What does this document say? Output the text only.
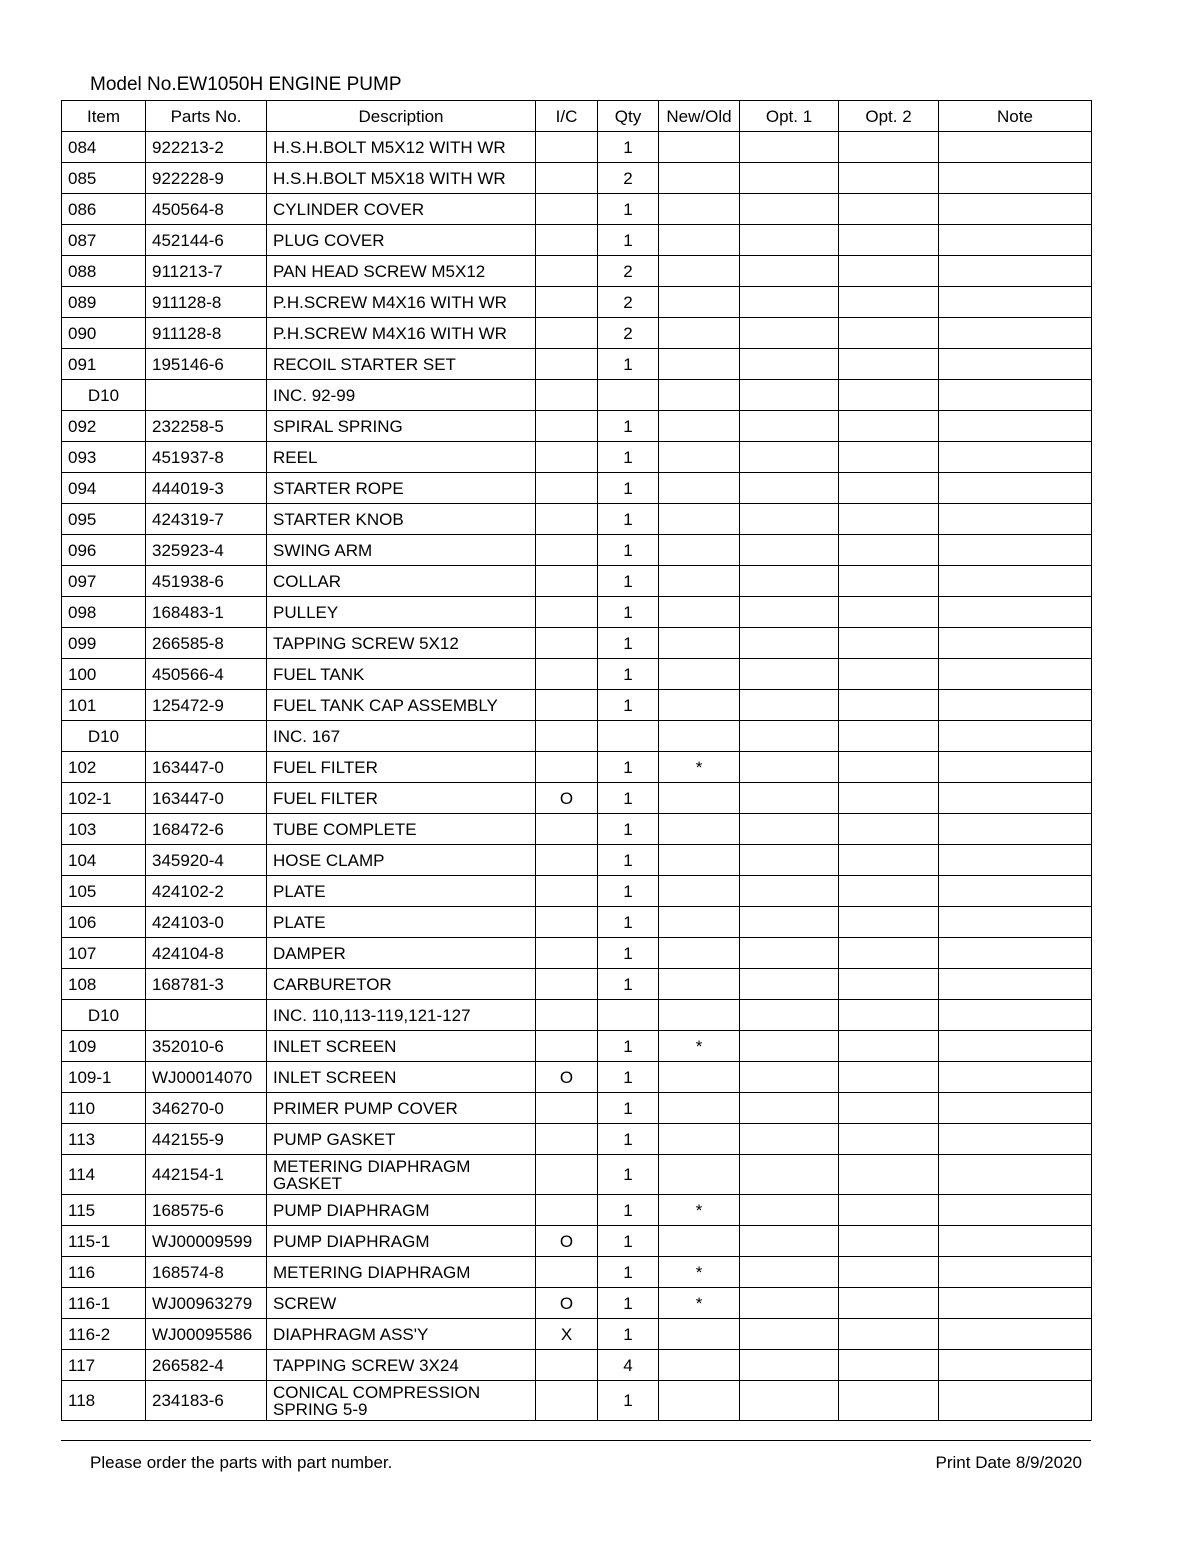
Model No.EW1050H ENGINE PUMP
Item	Parts No.	Description	I/C	Qty	New/Old	Opt. 1	Opt. 2	Note
084	922213-2	H.S.H.BOLT M5X12 WITH WR		1				
085	922228-9	H.S.H.BOLT M5X18 WITH WR		2				
086	450564-8	CYLINDER COVER		1				
087	452144-6	PLUG COVER		1				
088	911213-7	PAN HEAD SCREW M5X12		2				
089	911128-8	P.H.SCREW M4X16 WITH WR		2				
090	911128-8	P.H.SCREW M4X16 WITH WR		2				
091	195146-6	RECOIL STARTER SET		1				
D10		INC. 92-99						
092	232258-5	SPIRAL SPRING		1				
093	451937-8	REEL		1				
094	444019-3	STARTER ROPE		1				
095	424319-7	STARTER KNOB		1				
096	325923-4	SWING ARM		1				
097	451938-6	COLLAR		1				
098	168483-1	PULLEY		1				
099	266585-8	TAPPING SCREW 5X12		1				
100	450566-4	FUEL TANK		1				
101	125472-9	FUEL TANK CAP ASSEMBLY		1				
D10		INC. 167						
102	163447-0	FUEL FILTER		1	*			
102-1	163447-0	FUEL FILTER	O	1				
103	168472-6	TUBE COMPLETE		1				
104	345920-4	HOSE CLAMP		1				
105	424102-2	PLATE		1				
106	424103-0	PLATE		1				
107	424104-8	DAMPER		1				
108	168781-3	CARBURETOR		1				
D10		INC. 110,113-119,121-127						
109	352010-6	INLET SCREEN		1	*			
109-1	WJ00014070	INLET SCREEN	O	1				
110	346270-0	PRIMER PUMP COVER		1				
113	442155-9	PUMP GASKET		1				
114	442154-1	METERING DIAPHRAGM GASKET		1				
115	168575-6	PUMP DIAPHRAGM		1	*			
115-1	WJ00009599	PUMP DIAPHRAGM	O	1				
116	168574-8	METERING DIAPHRAGM		1	*			
116-1	WJ00963279	SCREW	O	1	*			
116-2	WJ00095586	DIAPHRAGM ASS'Y	X	1				
117	266582-4	TAPPING SCREW 3X24		4				
118	234183-6	CONICAL COMPRESSION SPRING 5-9		1				
Please order the parts with part number.	Print Date 8/9/2020
